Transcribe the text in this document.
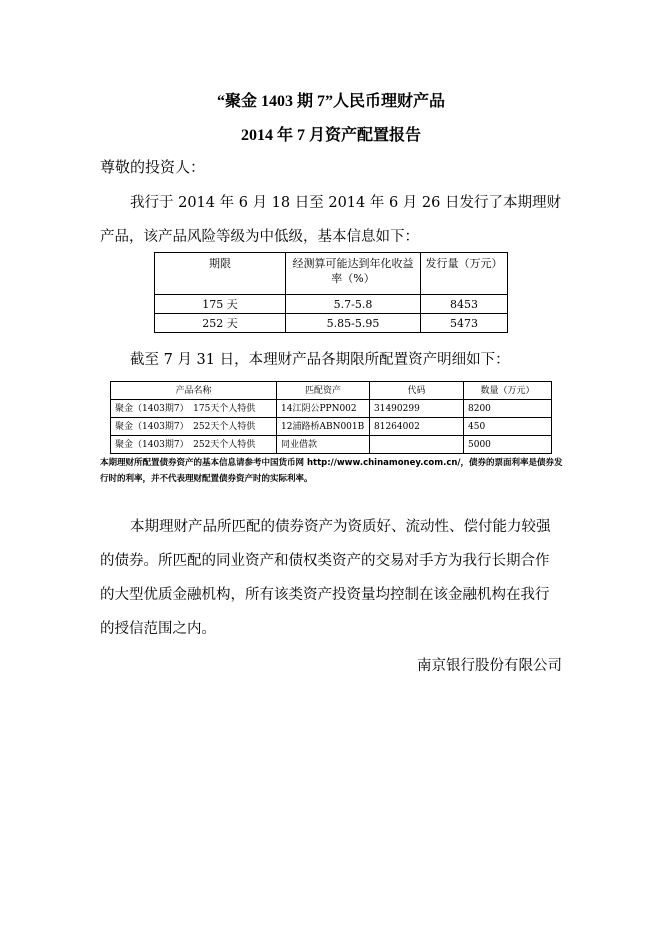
“聚金 1403 期 7”人民币理财产品
2014 年 7 月资产配置报告
尊敬的投资人：
我行于 2014 年 6 月 18 日至 2014 年 6 月 26 日发行了本期理财产品，该产品风险等级为中低级，基本信息如下：
期限	经测算可能达到年化收益率（%）	发行量（万元）
175 天	5.7-5.8	8453
252 天	5.85-5.95	5473
截至 7 月 31 日，本理财产品各期限所配置资产明细如下：
产品名称	匹配资产	代码	数量（万元）
聚金（1403期7）　175天个人特供	14江阴公PPN002	31490299	8200
聚金（1403期7）　252天个人特供	12浦路桥ABN001B	81264002	450
聚金（1403期7）　252天个人特供	同业借款		5000
本期理财所配置债券资产的基本信息请参考中国货币网 http://www.chinamoney.com.cn/，债券的票面利率是债券发行时的利率，并不代表理财配置债券资产时的实际利率。
本期理财产品所匹配的债券资产为资质好、流动性、偿付能力较强的债券。所匹配的同业资产和债权类资产的交易对手方为我行长期合作的大型优质金融机构，所有该类资产投资量均控制在该金融机构在我行的授信范围之内。
南京银行股份有限公司
